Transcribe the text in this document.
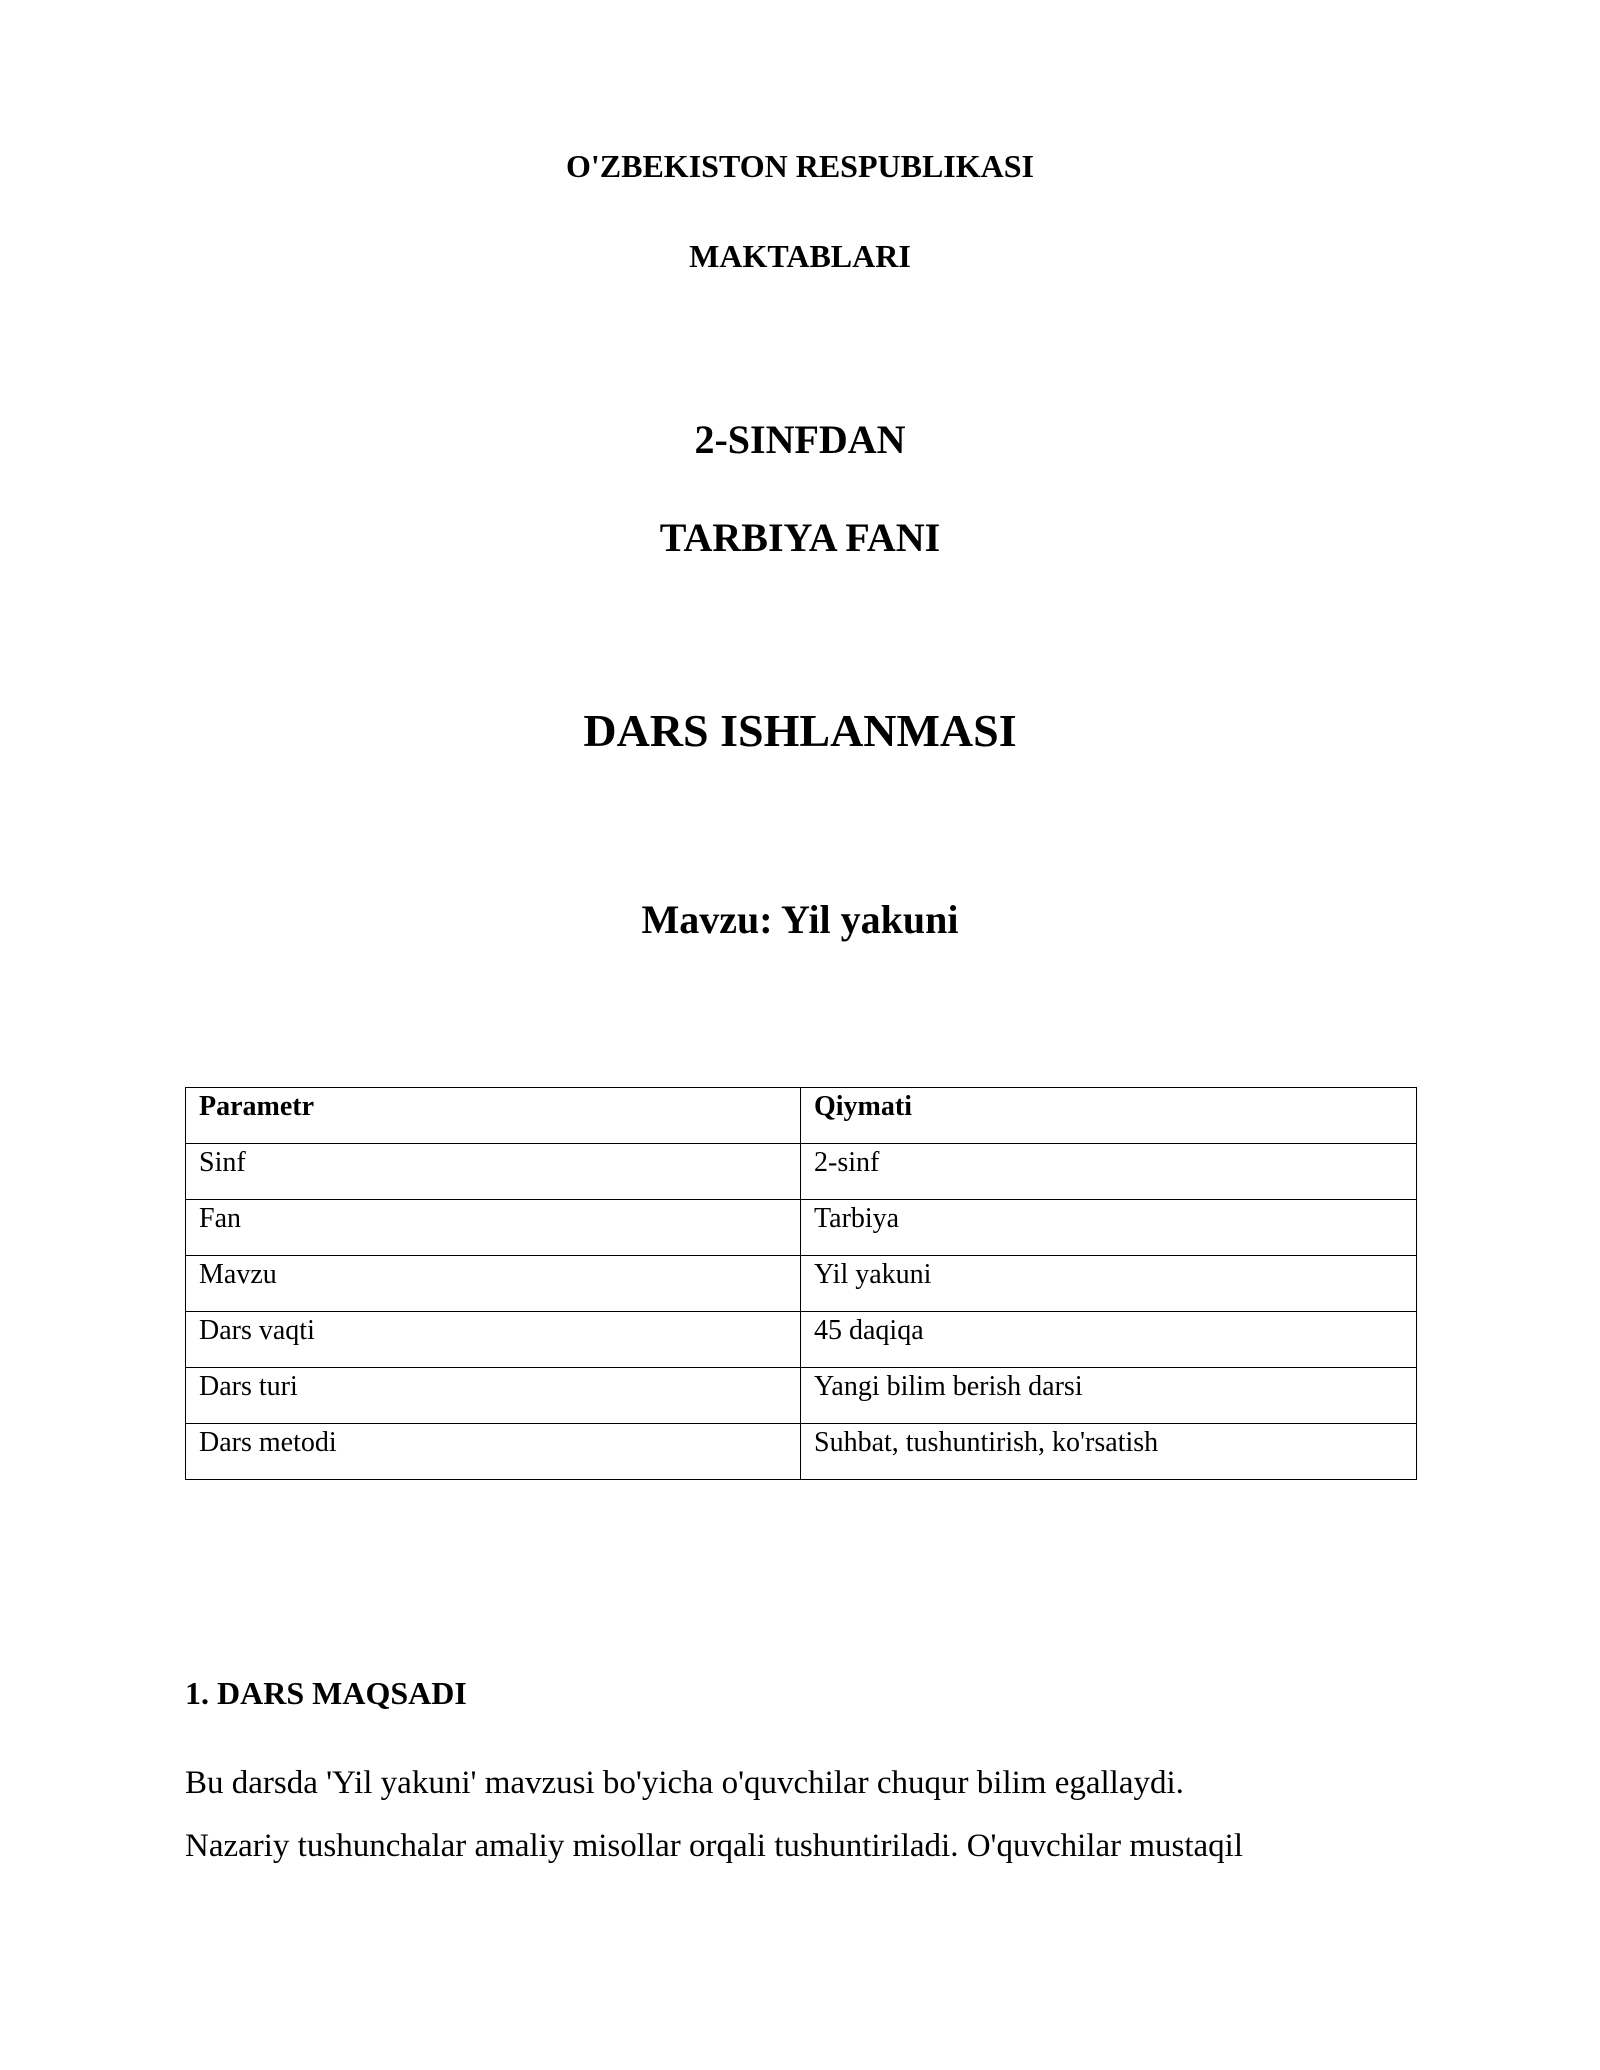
O'ZBEKISTON RESPUBLIKASI
MAKTABLARI
2-SINFDAN
TARBIYA FANI
DARS ISHLANMASI
Mavzu: Yil yakuni
Parametr	Qiymati
Sinf	2-sinf
Fan	Tarbiya
Mavzu	Yil yakuni
Dars vaqti	45 daqiqa
Dars turi	Yangi bilim berish darsi
Dars metodi	Suhbat, tushuntirish, ko'rsatish
1. DARS MAQSADI
Bu darsda 'Yil yakuni' mavzusi bo'yicha o'quvchilar chuqur bilim egallaydi.
Nazariy tushunchalar amaliy misollar orqali tushuntiriladi. O'quvchilar mustaqil
